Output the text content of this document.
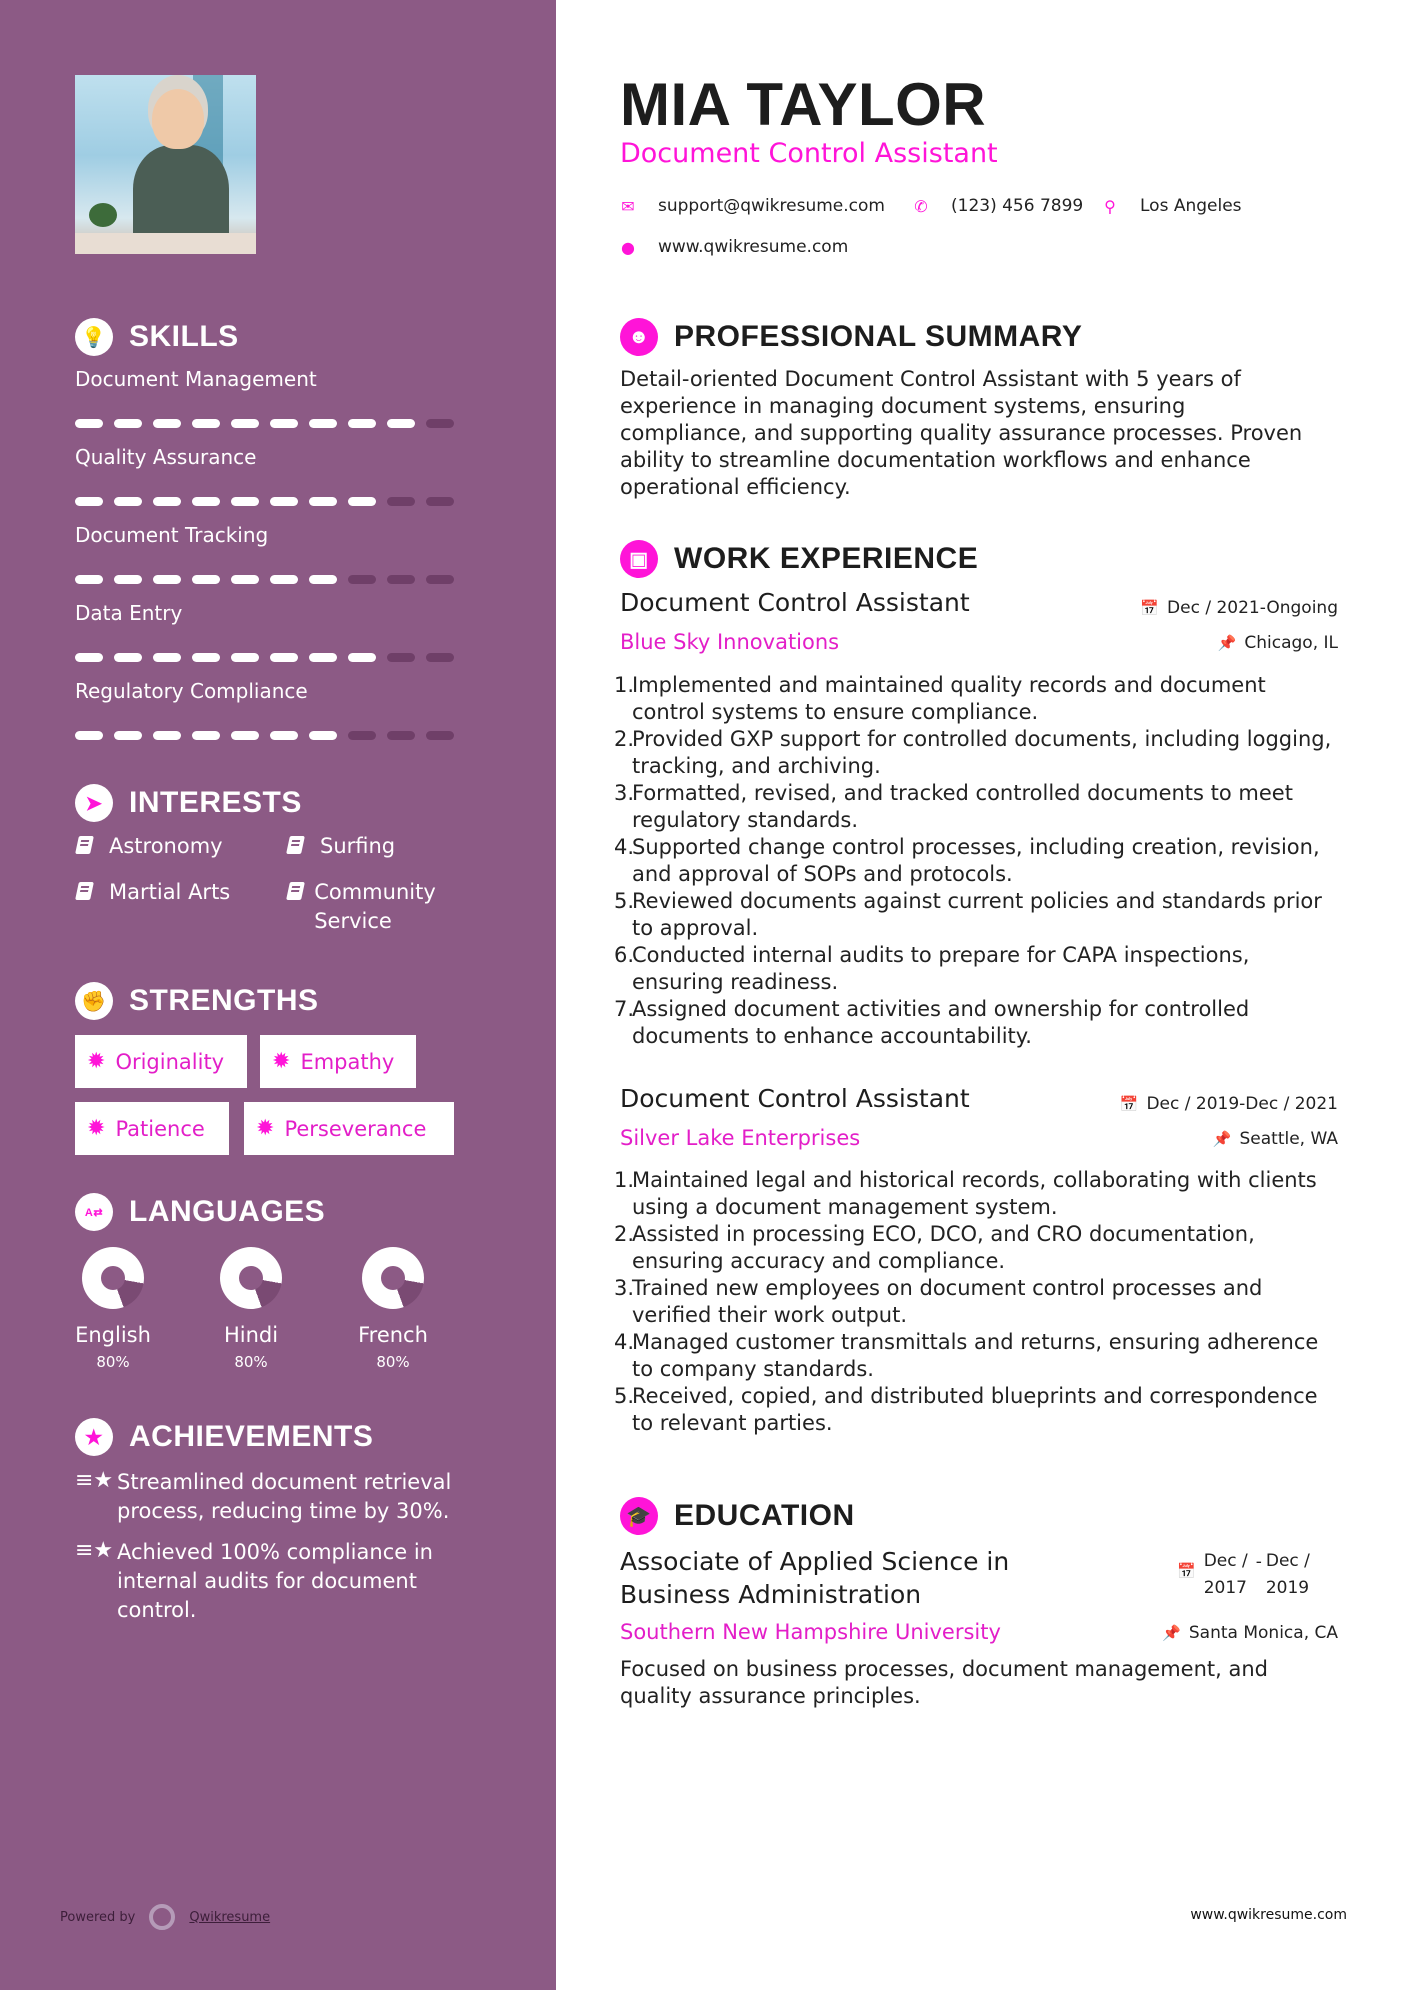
💡 SKILLS
Document Management
Quality Assurance
Document Tracking
Data Entry
Regulatory Compliance
➤ INTERESTS
Astronomy	Surfing
Martial Arts	Community Service
✊ STRENGTHS
✹ Originality ✹ Empathy
✹ Patience ✹ Perseverance
A⇄ LANGUAGES
English
80%
Hindi
80%
French
80%
★ ACHIEVEMENTS
≡★ Streamlined document retrieval process, reducing time by 30%.
≡★ Achieved 100% compliance in internal audits for document control.
Powered by	Qwikresume
MIA TAYLOR
Document Control Assistant
✉ support@qwikresume.com ✆ (123) 456 7899 ⚲ Los Angeles
● www.qwikresume.com
☻ PROFESSIONAL SUMMARY
Detail-oriented Document Control Assistant with 5 years of experience in managing document systems, ensuring compliance, and supporting quality assurance processes. Proven ability to streamline documentation workflows and enhance operational efficiency.
▣ WORK EXPERIENCE
Document Control Assistant	📅 Dec / 2021-Ongoing
Blue Sky Innovations	📌 Chicago, IL
1.
Implemented and maintained quality records and document control systems to ensure compliance.
2.
Provided GXP support for controlled documents, including logging, tracking, and archiving.
3.
Formatted, revised, and tracked controlled documents to meet regulatory standards.
4.
Supported change control processes, including creation, revision, and approval of SOPs and protocols.
5.
Reviewed documents against current policies and standards prior to approval.
6.
Conducted internal audits to prepare for CAPA inspections, ensuring readiness.
7.
Assigned document activities and ownership for controlled documents to enhance accountability.
Document Control Assistant	📅 Dec / 2019-Dec / 2021
Silver Lake Enterprises	📌 Seattle, WA
1.
Maintained legal and historical records, collaborating with clients using a document management system.
2.
Assisted in processing ECO, DCO, and CRO documentation, ensuring accuracy and compliance.
3.
Trained new employees on document control processes and verified their work output.
4.
Managed customer transmittals and returns, ensuring adherence to company standards.
5.
Received, copied, and distributed blueprints and correspondence to relevant parties.
🎓 EDUCATION
Associate of Applied Science in Business Administration
📅 Dec /
2017
- Dec /
2019
Southern New Hampshire University	📌 Santa Monica, CA
Focused on business processes, document management, and quality assurance principles.
www.qwikresume.com
